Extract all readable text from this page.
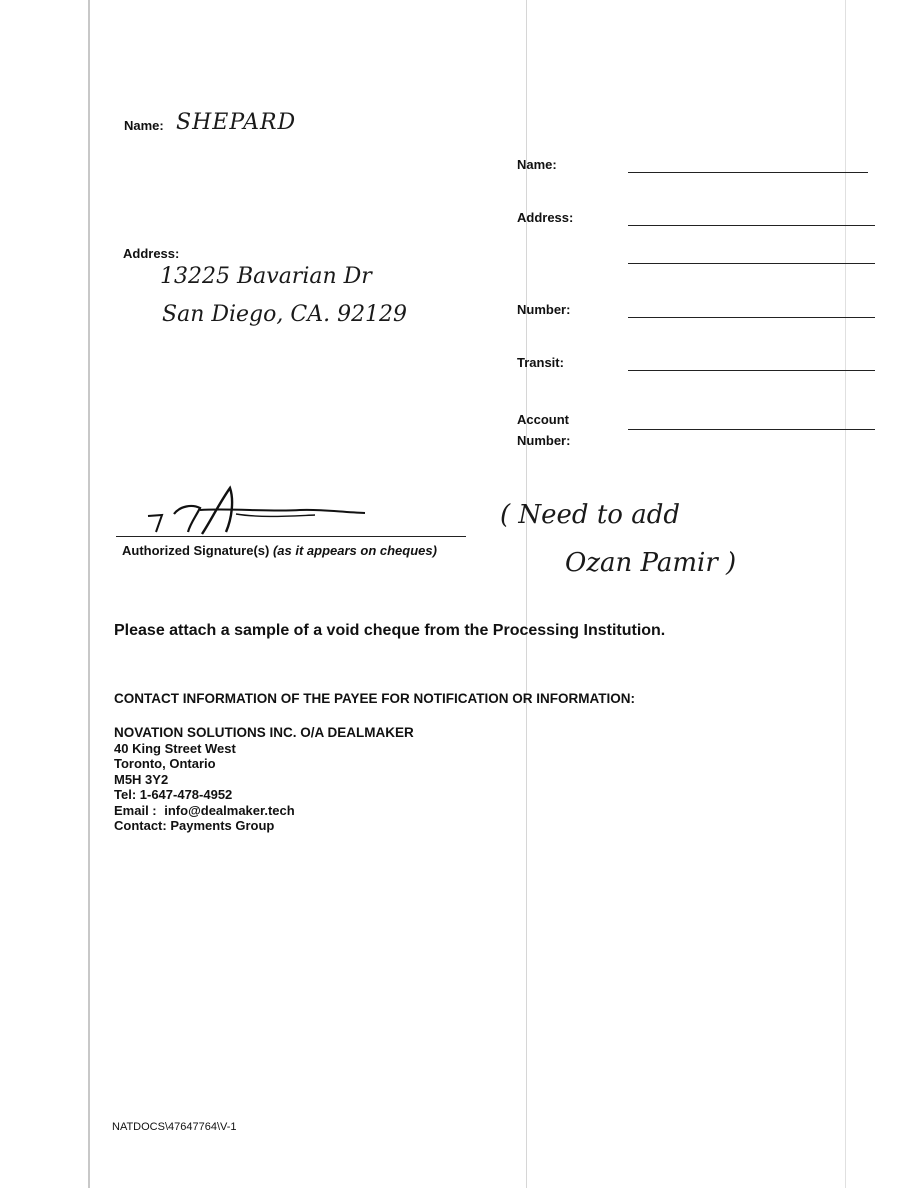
Name: SHEPARD
Address:
13225 Bavarian Dr
San Diego, CA. 92129
Authorized Signature(s) (as it appears on cheques)
Name:
Address:
Number:
Transit:
Account
Number:
( Need to add
Ozan Pamir )
Please attach a sample of a void cheque from the Processing Institution.
CONTACT INFORMATION OF THE PAYEE FOR NOTIFICATION OR INFORMATION:
NOVATION SOLUTIONS INC. O/A DEALMAKER
40 King Street West
Toronto, Ontario
M5H 3Y2
Tel: 1-647-478-4952
Email : info@dealmaker.tech
Contact: Payments Group
NATDOCS\47647764\V-1
